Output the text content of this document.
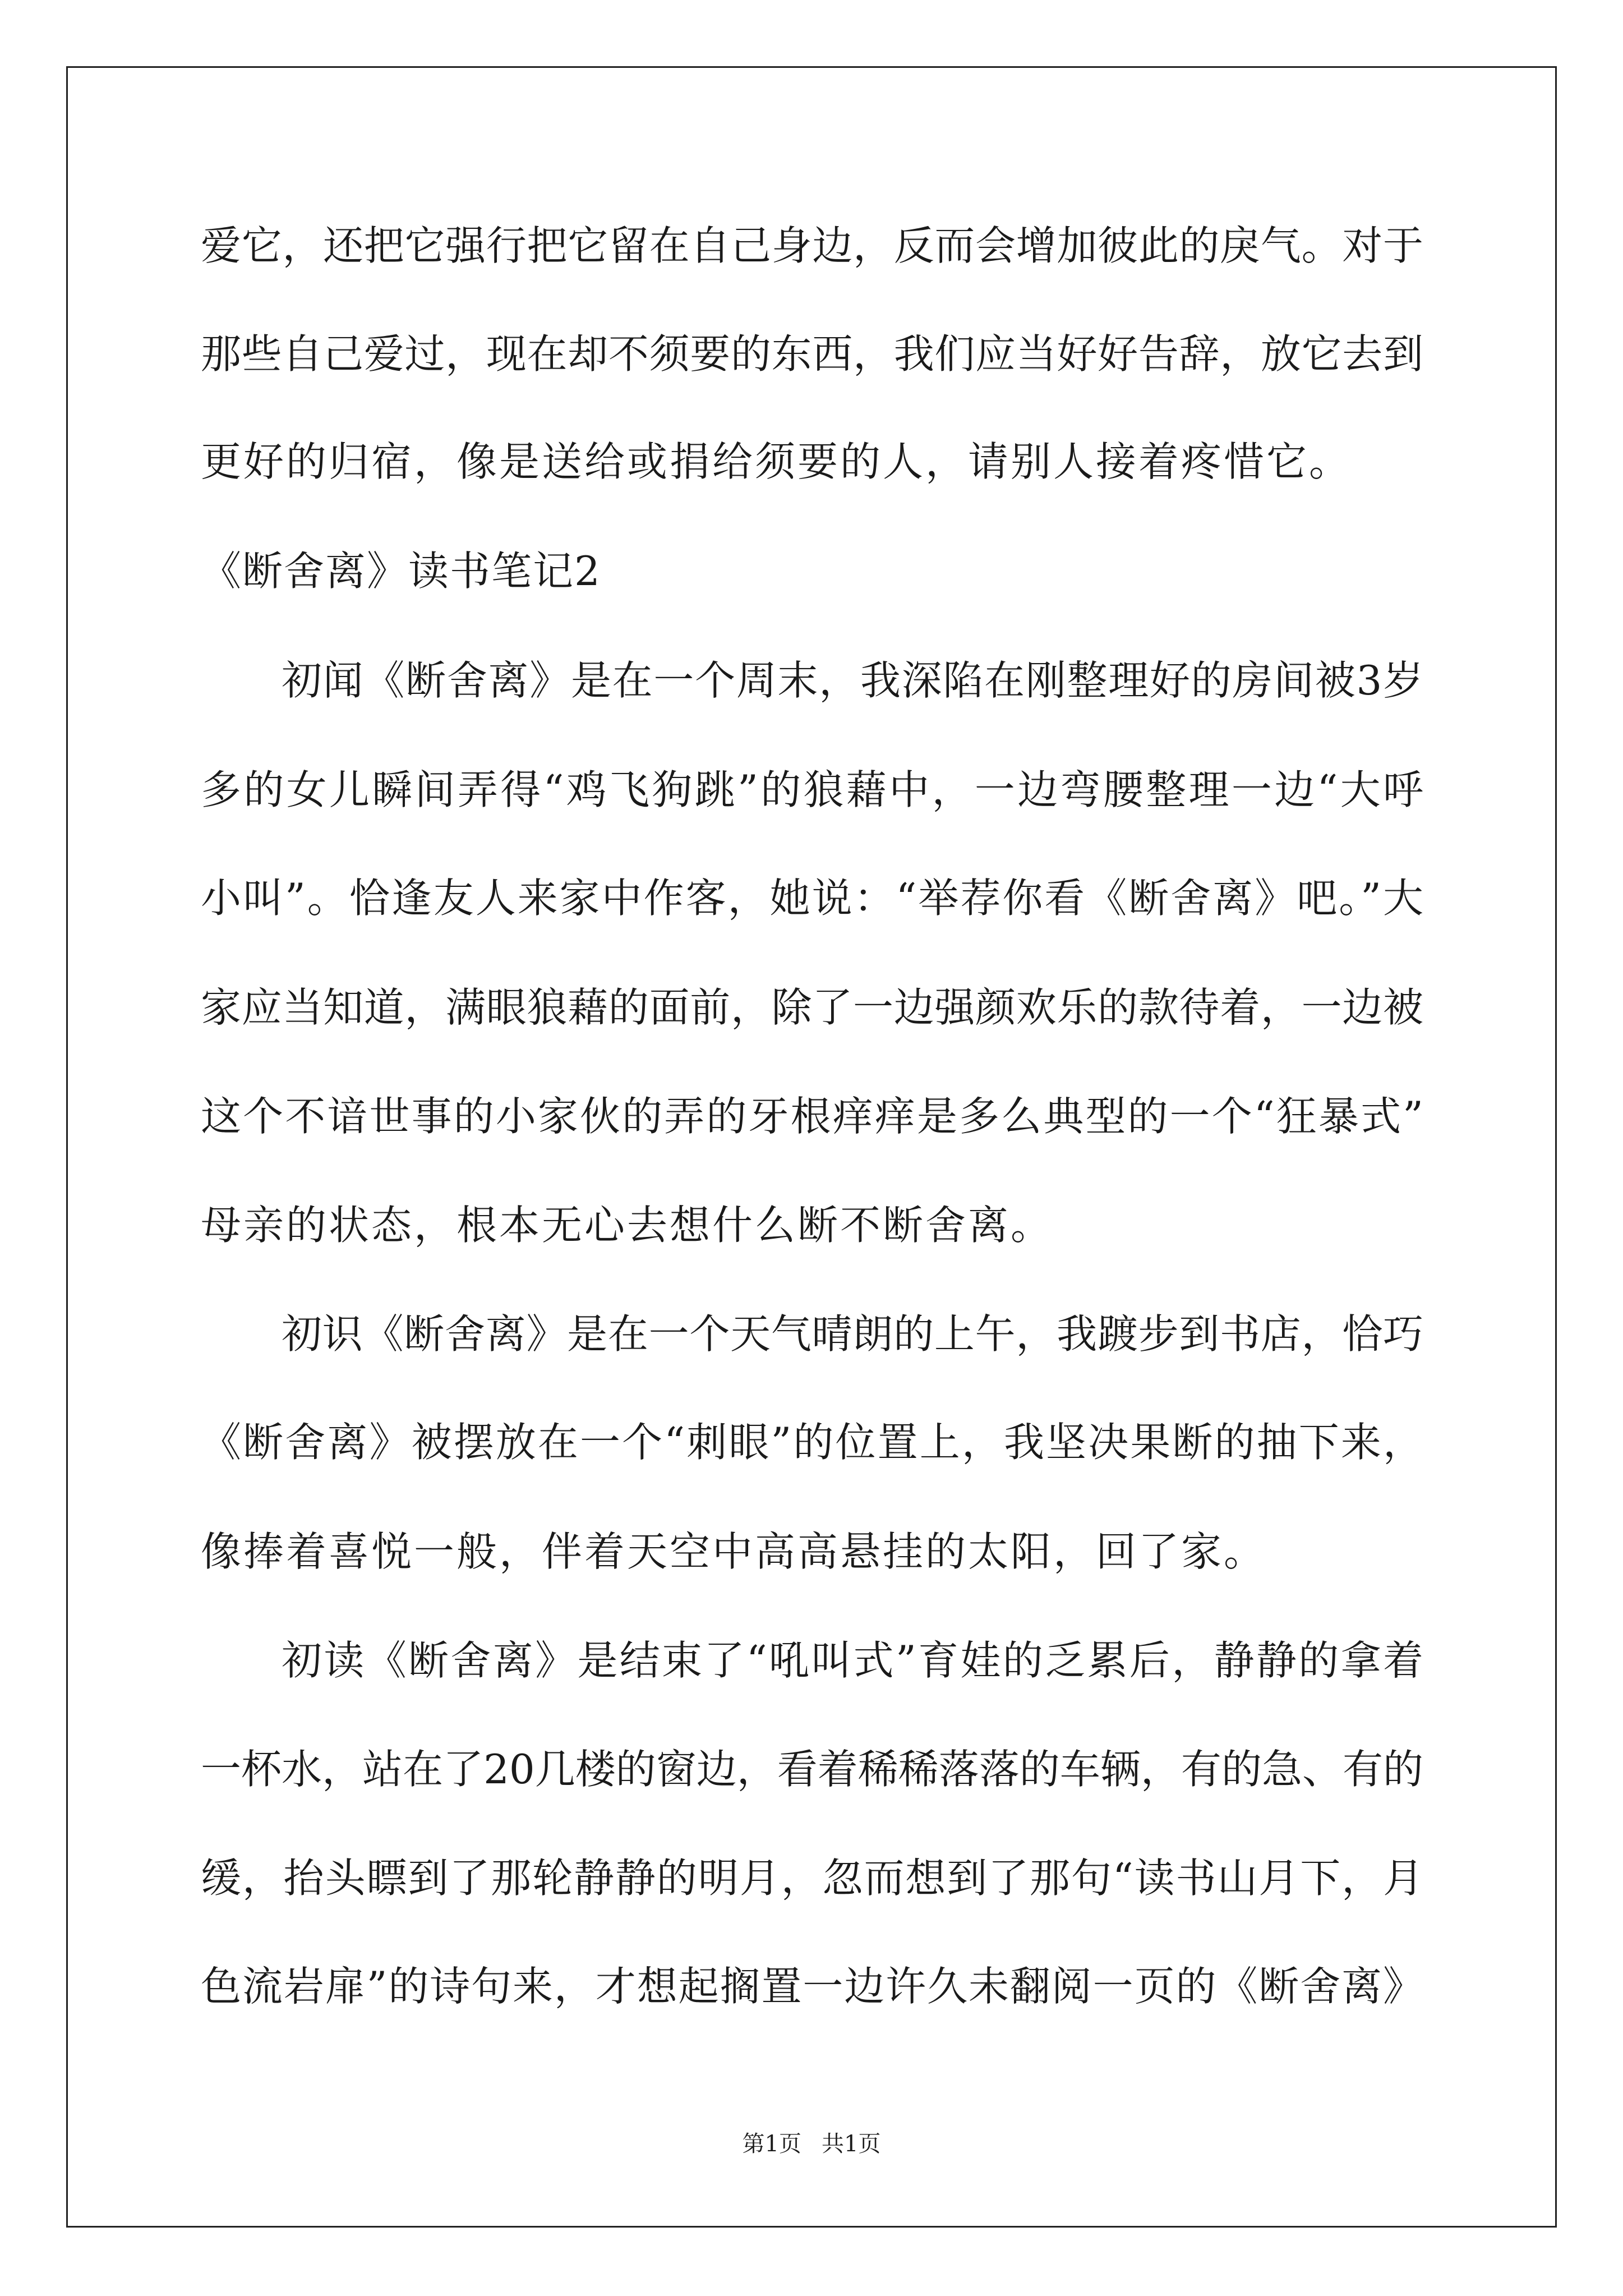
爱它，还把它强行把它留在自己身边，反而会增加彼此的戾气。对于
那些自己爱过，现在却不须要的东西，我们应当好好告辞，放它去到
更好的归宿，像是送给或捐给须要的人，请别人接着疼惜它。
《断舍离》读书笔记2
初闻《断舍离》是在一个周末，我深陷在刚整理好的房间被3岁
多的女儿瞬间弄得“鸡飞狗跳”的狼藉中，一边弯腰整理一边“大呼
小叫”。恰逢友人来家中作客，她说：“举荐你看《断舍离》吧。”大
家应当知道，满眼狼藉的面前，除了一边强颜欢乐的款待着，一边被
这个不谙世事的小家伙的弄的牙根痒痒是多么典型的一个“狂暴式”
母亲的状态，根本无心去想什么断不断舍离。
初识《断舍离》是在一个天气晴朗的上午，我踱步到书店，恰巧
《断舍离》被摆放在一个“刺眼”的位置上，我坚决果断的抽下来，
像捧着喜悦一般，伴着天空中高高悬挂的太阳，回了家。
初读《断舍离》是结束了“吼叫式”育娃的乏累后，静静的拿着
一杯水，站在了20几楼的窗边，看着稀稀落落的车辆，有的急、有的
缓，抬头瞟到了那轮静静的明月，忽而想到了那句“读书山月下，月
色流岩扉”的诗句来，才想起搁置一边许久未翻阅一页的《断舍离》
第1页 共1页
